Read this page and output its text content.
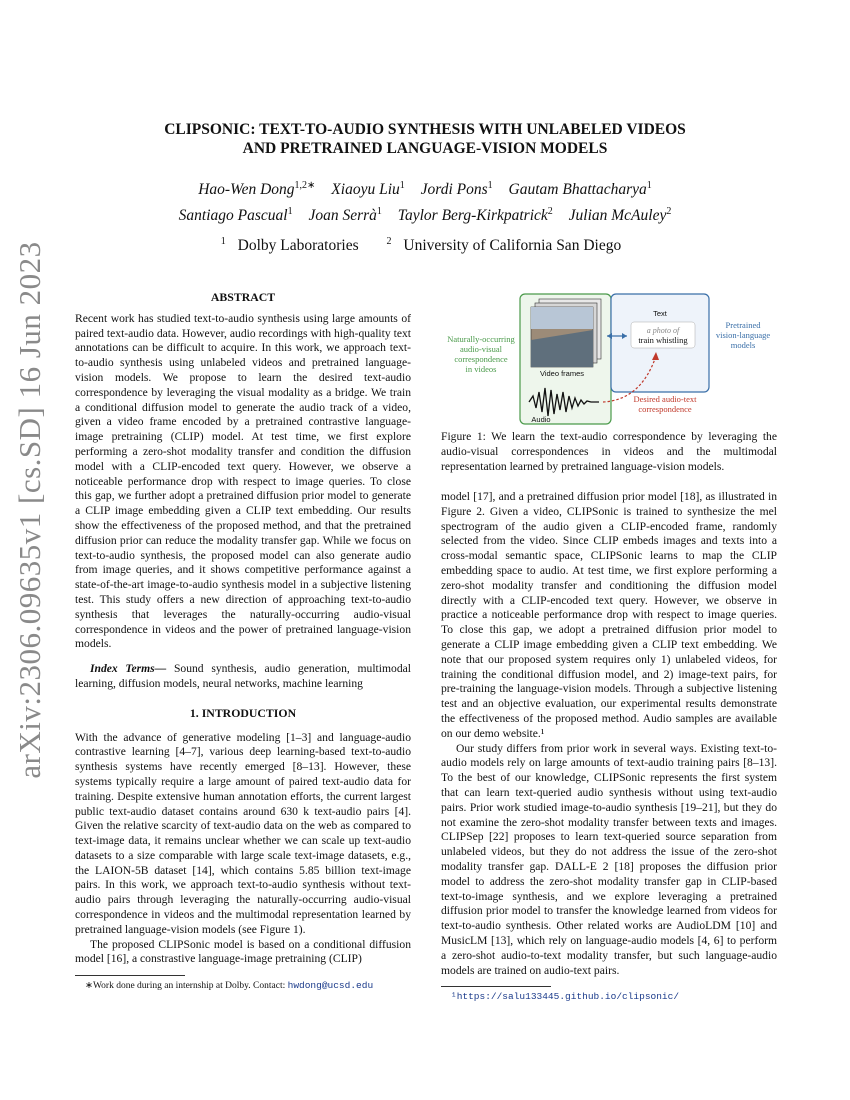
arXiv:2306.09635v1 [cs.SD] 16 Jun 2023
CLIPSONIC: TEXT-TO-AUDIO SYNTHESIS WITH UNLABELED VIDEOS
AND PRETRAINED LANGUAGE-VISION MODELS
Hao-Wen Dong$^{1,2∗}$ Xiaoyu Liu$^1$ Jordi Pons$^1$ Gautam Bhattacharya$^1$
Santiago Pascual$^1$ Joan Serrà$^1$ Taylor Berg-Kirkpatrick$^2$ Julian McAuley$^2$
$^1$ Dolby Laboratories	$^2$ University of California San Diego
ABSTRACT

Recent work has studied text-to-audio synthesis using large amounts of paired text-audio data. However, audio recordings with high-quality text annotations can be difficult to acquire. In this work, we approach text-to-audio synthesis using unlabeled videos and pretrained language-vision models. We propose to learn the desired text-audio correspondence by leveraging the visual modality as a bridge. We train a conditional diffusion model to generate the audio track of a video, given a video frame encoded by a pretrained contrastive language-image pretraining (CLIP) model. At test time, we first explore performing a zero-shot modality transfer and condition the diffusion model with a CLIP-encoded text query. However, we observe a noticeable performance drop with respect to image queries. To close this gap, we further adopt a pretrained diffusion prior model to generate a CLIP image embedding given a CLIP text embedding. Our results show the effectiveness of the proposed method, and that the pretrained diffusion prior can reduce the modality transfer gap. While we focus on text-to-audio synthesis, the proposed model can also generate audio from image queries, and it shows competitive performance against a state-of-the-art image-to-audio synthesis model in a subjective listening test. This study offers a new direction of approaching text-to-audio synthesis that leverages the naturally-occurring audio-visual correspondence in videos and the power of pretrained language-vision models.

Index Terms— Sound synthesis, audio generation, multimodal learning, diffusion models, neural networks, machine learning

1. INTRODUCTION

With the advance of generative modeling [1–3] and language-audio contrastive learning [4–7], various deep learning-based text-to-audio synthesis systems have recently emerged [8–13]. However, these systems typically require a large amount of paired text-audio data for training. Despite extensive human annotation efforts, the current largest public text-audio dataset contains around 630 k text-audio pairs [4]. Given the relative scarcity of text-audio data on the web as compared to text-image data, it remains unclear whether we can scale up text-audio datasets to a size comparable with large scale text-image datasets, e.g., the LAION-5B dataset [14], which contains 5.85 billion text-image pairs. In this work, we approach text-to-audio synthesis without text-audio pairs through leveraging the naturally-occurring audio-visual correspondence in videos and the multimodal representation learned by pretrained language-vision models (see Figure 1).

The proposed CLIPSonic model is based on a conditional diffusion model [16], a constrastive language-image pretraining (CLIP)

∗Work done during an internship at Dolby. Contact: hwdong@ucsd.edu

Naturally-occurring
audio-visual
correspondence
in videos	Video frames
Audio
Text
a photo of
train whistling
Pretrained
vision-language
models
Desired audio-text
correspondence
Figure 1: We learn the text-audio correspondence by leveraging the audio-visual correspondences in videos and the multimodal representation learned by pretrained language-vision models.

model [17], and a pretrained diffusion prior model [18], as illustrated in Figure 2. Given a video, CLIPSonic is trained to synthesize the mel spectrogram of the audio given a CLIP-encoded frame, randomly selected from the video. Since CLIP embeds images and texts into a cross-modal semantic space, CLIPSonic learns to map the CLIP embedding space to audio. At test time, we first explore performing a zero-shot modality transfer and conditioning the diffusion model directly with a CLIP-encoded text query. However, we observe in practice a noticeable performance drop with respect to image queries. To close this gap, we adopt a pretrained diffusion prior model to generate a CLIP image embedding given a CLIP text embedding. We note that our proposed system requires only 1) unlabeled videos, for training the conditional diffusion model, and 2) image-text pairs, for pre-training the language-vision models. Through a subjective listening test and an objective evaluation, our experimental results demonstrate the effectiveness of the proposed method. Audio samples are available on our demo website.¹

Our study differs from prior work in several ways. Existing text-to-audio models rely on large amounts of text-audio training pairs [8–13]. To the best of our knowledge, CLIPSonic represents the first system that can learn text-queried audio synthesis without using text-audio pairs. Prior work studied image-to-audio synthesis [19–21], but they do not examine the zero-shot modality transfer between texts and images. CLIPSep [22] proposes to learn text-queried source separation from unlabeled videos, but they do not address the issue of the zero-shot modality transfer gap. DALL-E 2 [18] proposes the diffusion prior model to address the zero-shot modality transfer gap in CLIP-based text-to-image synthesis, and we explore leveraging a pretrained diffusion prior model to transfer the knowledge learned from videos for text-to-audio synthesis. Other related works are AudioLDM [10] and MusicLM [13], which rely on language-audio models [4, 6] to perform a zero-shot audio-to-text modality transfer, but such language-audio models are trained on audio-text pairs.

¹https://salu133445.github.io/clipsonic/
